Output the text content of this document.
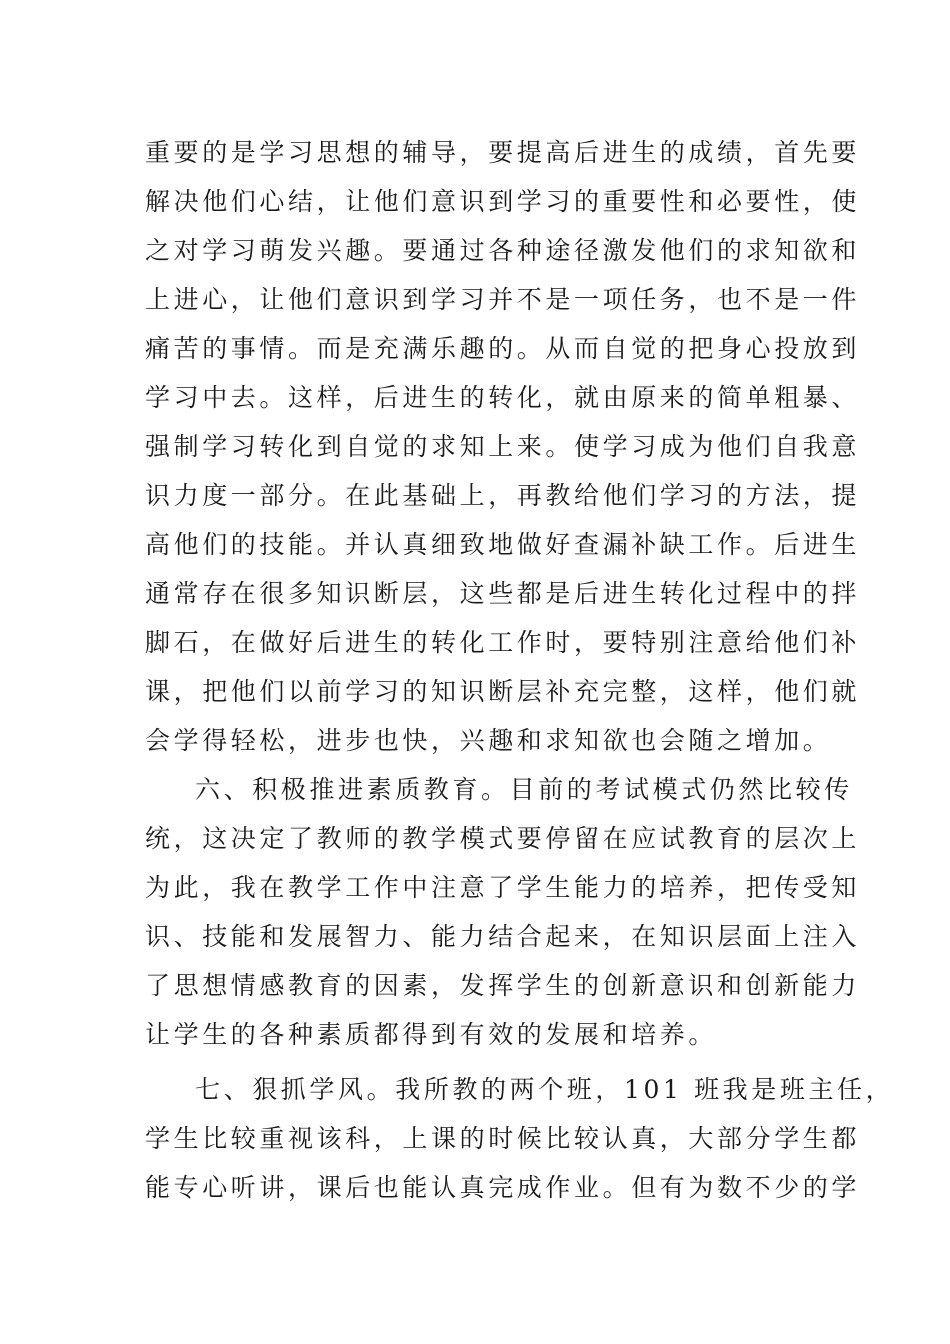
重要的是学习思想的辅导，要提高后进生的成绩，首先要
解决他们心结，让他们意识到学习的重要性和必要性，使
之对学习萌发兴趣。要通过各种途径激发他们的求知欲和
上进心，让他们意识到学习并不是一项任务，也不是一件
痛苦的事情。而是充满乐趣的。从而自觉的把身心投放到
学习中去。这样，后进生的转化，就由原来的简单粗暴、
强制学习转化到自觉的求知上来。使学习成为他们自我意
识力度一部分。在此基础上，再教给他们学习的方法，提
高他们的技能。并认真细致地做好查漏补缺工作。后进生
通常存在很多知识断层，这些都是后进生转化过程中的拌
脚石，在做好后进生的转化工作时，要特别注意给他们补
课，把他们以前学习的知识断层补充完整，这样，他们就
会学得轻松，进步也快，兴趣和求知欲也会随之增加。
六、积极推进素质教育。目前的考试模式仍然比较传
统，这决定了教师的教学模式要停留在应试教育的层次上
为此，我在教学工作中注意了学生能力的培养，把传受知
识、技能和发展智力、能力结合起来，在知识层面上注入
了思想情感教育的因素，发挥学生的创新意识和创新能力
让学生的各种素质都得到有效的发展和培养。
七、狠抓学风。我所教的两个班，101 班我是班主任，
学生比较重视该科，上课的时候比较认真，大部分学生都
能专心听讲，课后也能认真完成作业。但有为数不少的学
